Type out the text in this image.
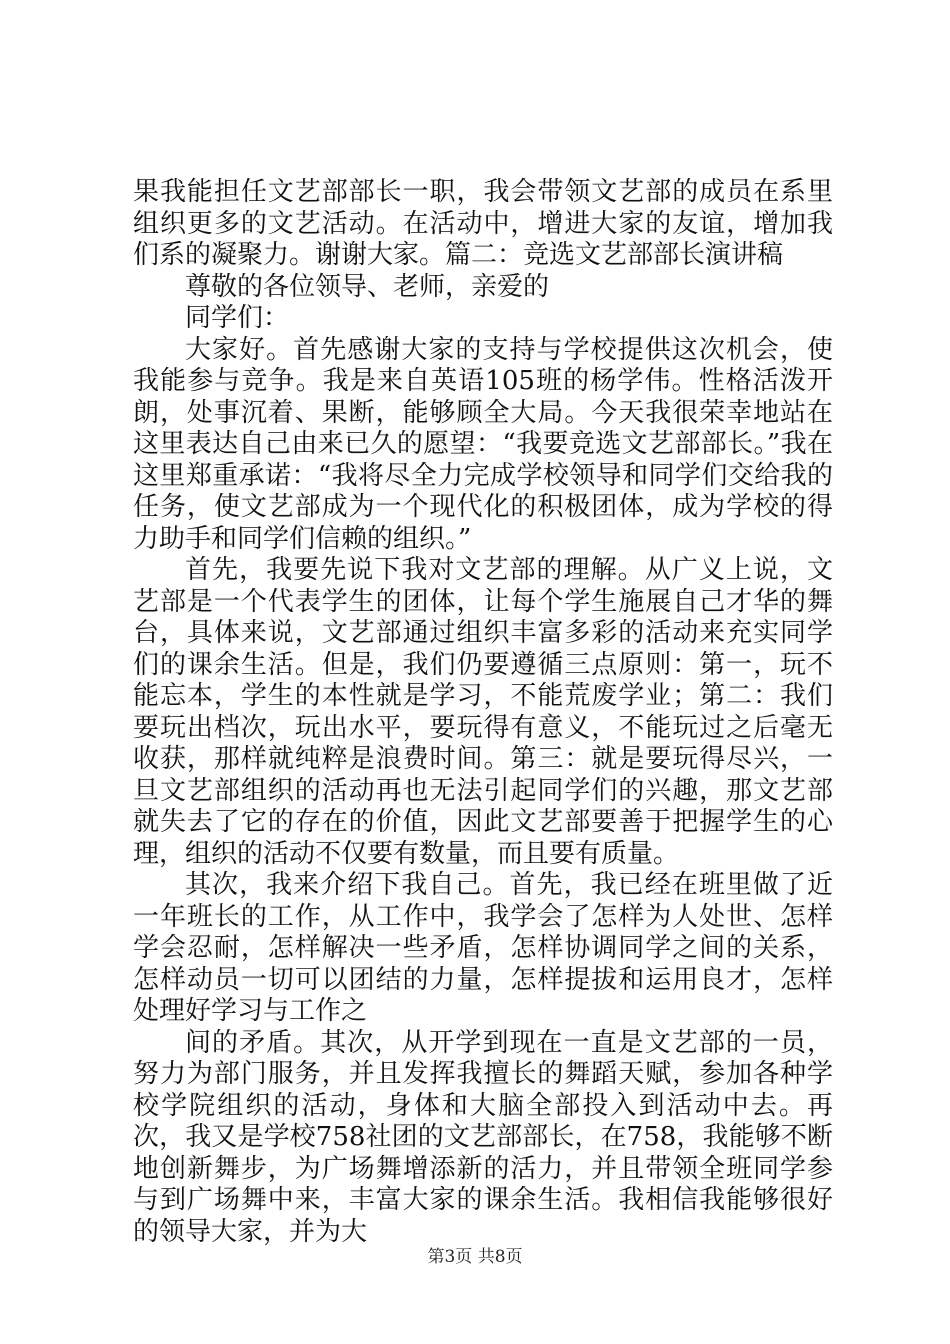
果我能担任文艺部部长一职，我会带领文艺部的成员在系里组织更多的文艺活动。在活动中，增进大家的友谊，增加我们系的凝聚力。谢谢大家。篇二：竞选文艺部部长演讲稿

尊敬的各位领导、老师，亲爱的

同学们：

大家好。首先感谢大家的支持与学校提供这次机会，使我能参与竞争。我是来自英语105班的杨学伟。性格活泼开朗，处事沉着、果断，能够顾全大局。今天我很荣幸地站在这里表达自己由来已久的愿望：“我要竞选文艺部部长。”我在这里郑重承诺：“我将尽全力完成学校领导和同学们交给我的任务，使文艺部成为一个现代化的积极团体，成为学校的得力助手和同学们信赖的组织。”

首先，我要先说下我对文艺部的理解。从广义上说，文艺部是一个代表学生的团体，让每个学生施展自己才华的舞台，具体来说，文艺部通过组织丰富多彩的活动来充实同学们的课余生活。但是，我们仍要遵循三点原则：第一，玩不能忘本，学生的本性就是学习，不能荒废学业；第二：我们要玩出档次，玩出水平，要玩得有意义，不能玩过之后毫无收获，那样就纯粹是浪费时间。第三：就是要玩得尽兴，一旦文艺部组织的活动再也无法引起同学们的兴趣，那文艺部就失去了它的存在的价值，因此文艺部要善于把握学生的心理，组织的活动不仅要有数量，而且要有质量。

其次，我来介绍下我自己。首先，我已经在班里做了近一年班长的工作，从工作中，我学会了怎样为人处世、怎样学会忍耐，怎样解决一些矛盾，怎样协调同学之间的关系，怎样动员一切可以团结的力量，怎样提拔和运用良才，怎样处理好学习与工作之

间的矛盾。其次，从开学到现在一直是文艺部的一员，努力为部门服务，并且发挥我擅长的舞蹈天赋，参加各种学校学院组织的活动，身体和大脑全部投入到活动中去。再次，我又是学校758社团的文艺部部长，在758，我能够不断地创新舞步，为广场舞增添新的活力，并且带领全班同学参与到广场舞中来，丰富大家的课余生活。我相信我能够很好的领导大家，并为大

第3页 共8页
